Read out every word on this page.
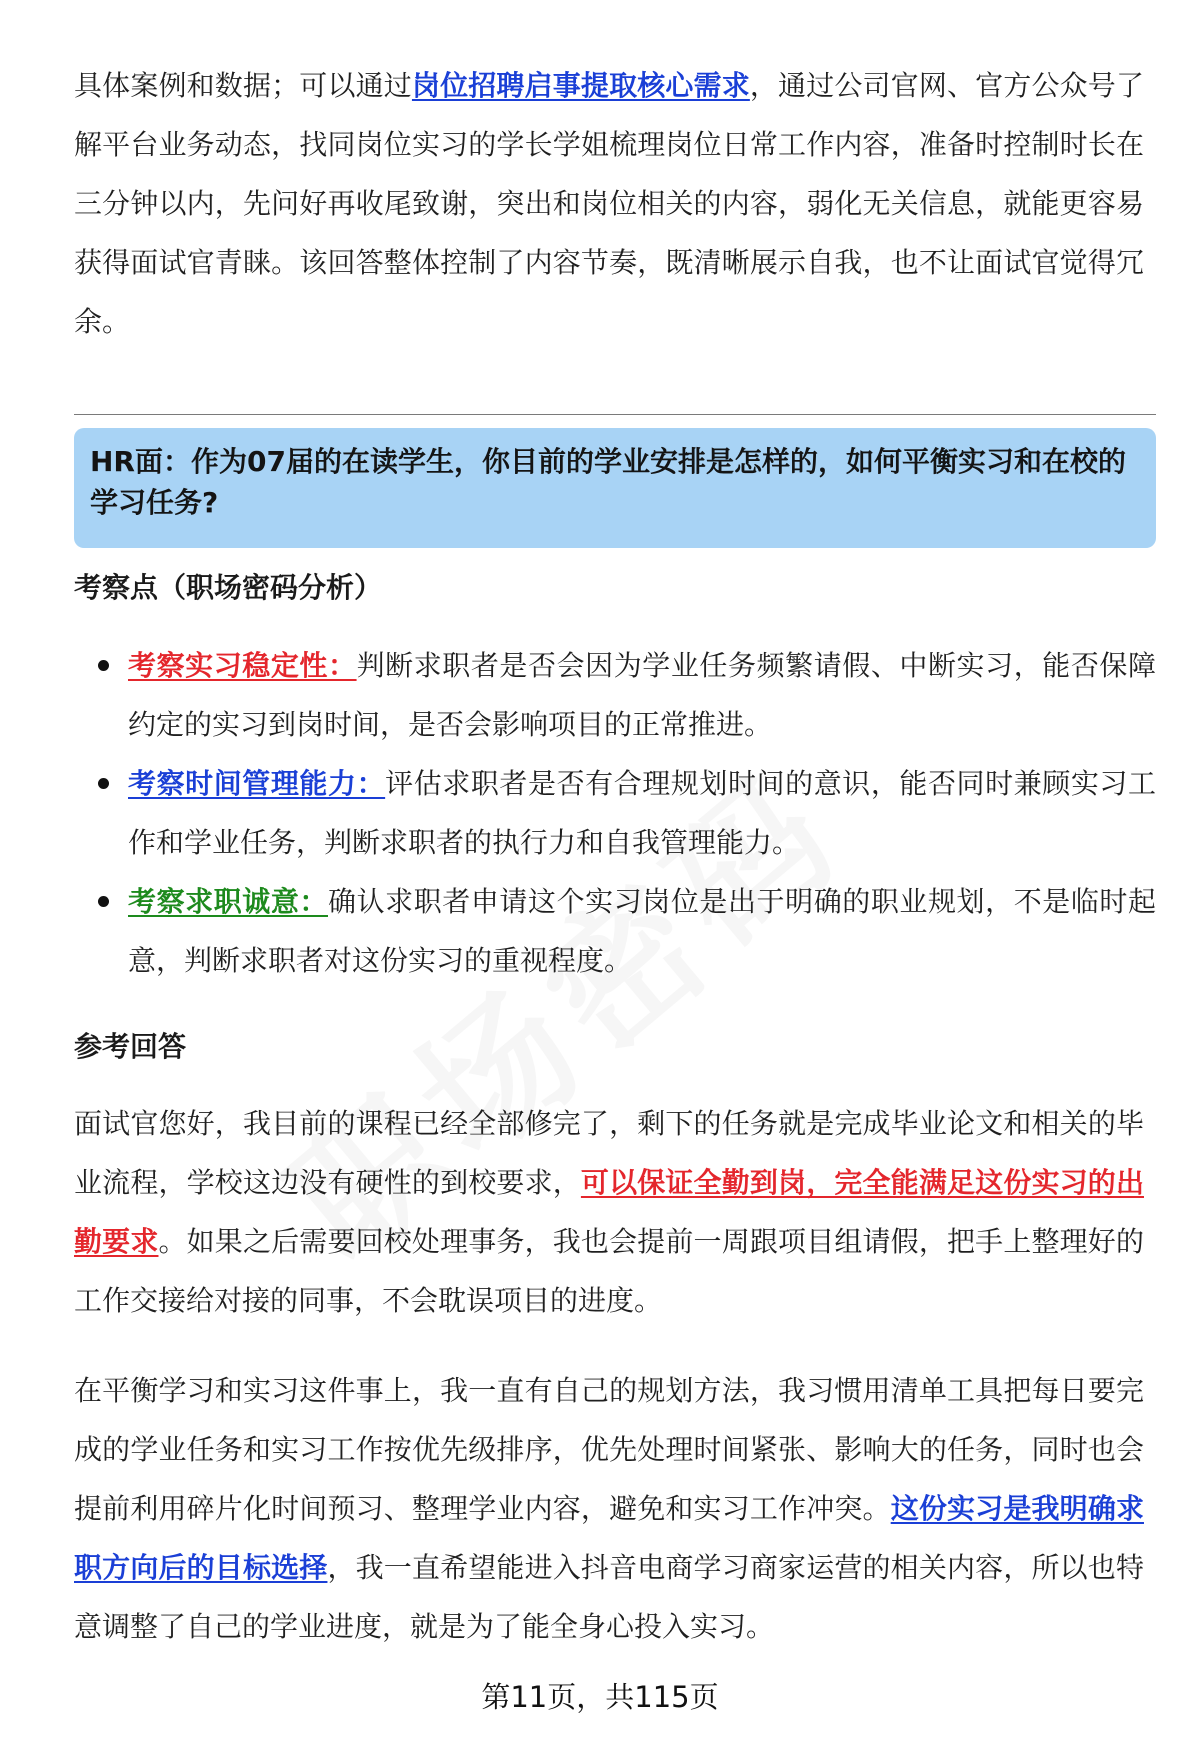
具体案例和数据；可以通过岗位招聘启事提取核心需求，通过公司官网、官方公众号了解平台业务动态，找同岗位实习的学长学姐梳理岗位日常工作内容，准备时控制时长在三分钟以内，先问好再收尾致谢，突出和岗位相关的内容，弱化无关信息，就能更容易获得面试官青睐。该回答整体控制了内容节奏，既清晰展示自我，也不让面试官觉得冗余。

HR面：作为07届的在读学生，你目前的学业安排是怎样的，如何平衡实习和在校的学习任务?

考察点（职场密码分析）

考察实习稳定性：判断求职者是否会因为学业任务频繁请假、中断实习，能否保障约定的实习到岗时间，是否会影响项目的正常推进。
考察时间管理能力：评估求职者是否有合理规划时间的意识，能否同时兼顾实习工作和学业任务，判断求职者的执行力和自我管理能力。
考察求职诚意：确认求职者申请这个实习岗位是出于明确的职业规划，不是临时起意，判断求职者对这份实习的重视程度。

参考回答

面试官您好，我目前的课程已经全部修完了，剩下的任务就是完成毕业论文和相关的毕业流程，学校这边没有硬性的到校要求，可以保证全勤到岗，完全能满足这份实习的出勤要求。如果之后需要回校处理事务，我也会提前一周跟项目组请假，把手上整理好的工作交接给对接的同事，不会耽误项目的进度。

在平衡学习和实习这件事上，我一直有自己的规划方法，我习惯用清单工具把每日要完成的学业任务和实习工作按优先级排序，优先处理时间紧张、影响大的任务，同时也会提前利用碎片化时间预习、整理学业内容，避免和实习工作冲突。这份实习是我明确求职方向后的目标选择，我一直希望能进入抖音电商学习商家运营的相关内容，所以也特意调整了自己的学业进度，就是为了能全身心投入实习。

第11页，共115页
